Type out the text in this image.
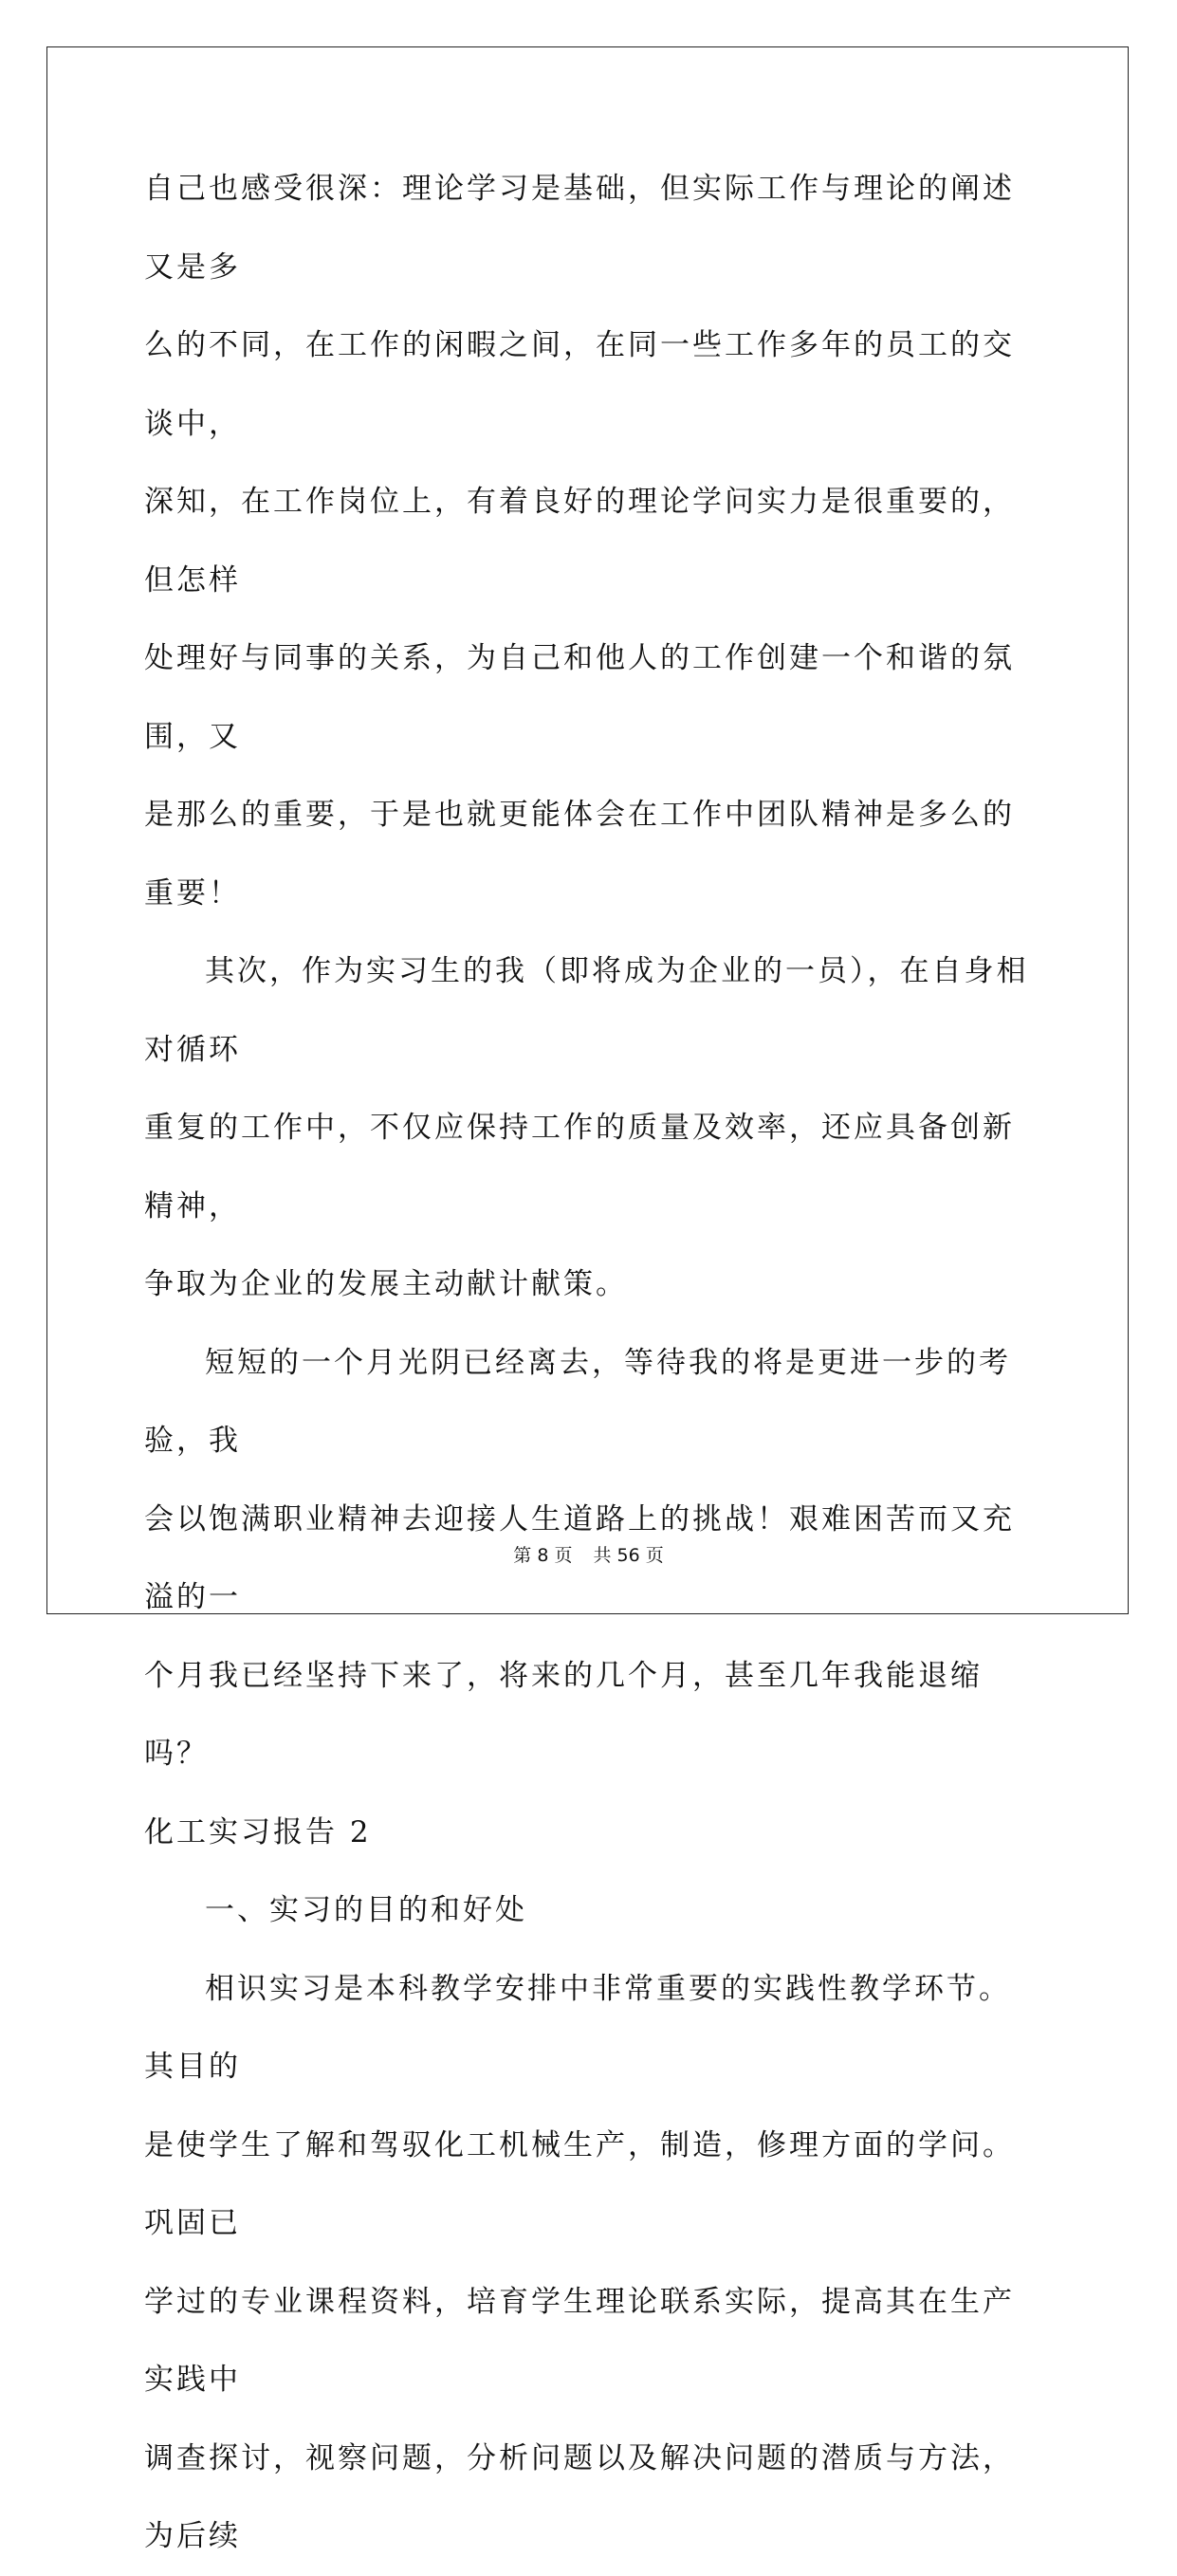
自己也感受很深：理论学习是基础，但实际工作与理论的阐述又是多

么的不同，在工作的闲暇之间，在同一些工作多年的员工的交谈中，

深知，在工作岗位上，有着良好的理论学问实力是很重要的，但怎样

处理好与同事的关系，为自己和他人的工作创建一个和谐的氛围，又

是那么的重要，于是也就更能体会在工作中团队精神是多么的重要！

其次，作为实习生的我（即将成为企业的一员），在自身相对循环

重复的工作中，不仅应保持工作的质量及效率，还应具备创新精神，

争取为企业的发展主动献计献策。

短短的一个月光阴已经离去，等待我的将是更进一步的考验，我

会以饱满职业精神去迎接人生道路上的挑战！艰难困苦而又充溢的一

个月我已经坚持下来了，将来的几个月，甚至几年我能退缩吗？

化工实习报告 2

一、实习的目的和好处

相识实习是本科教学安排中非常重要的实践性教学环节。其目的

是使学生了解和驾驭化工机械生产，制造，修理方面的学问。巩固已

学过的专业课程资料，培育学生理论联系实际，提高其在生产实践中

调查探讨，视察问题，分析问题以及解决问题的潜质与方法，为后续

第 8 页 共 56 页
